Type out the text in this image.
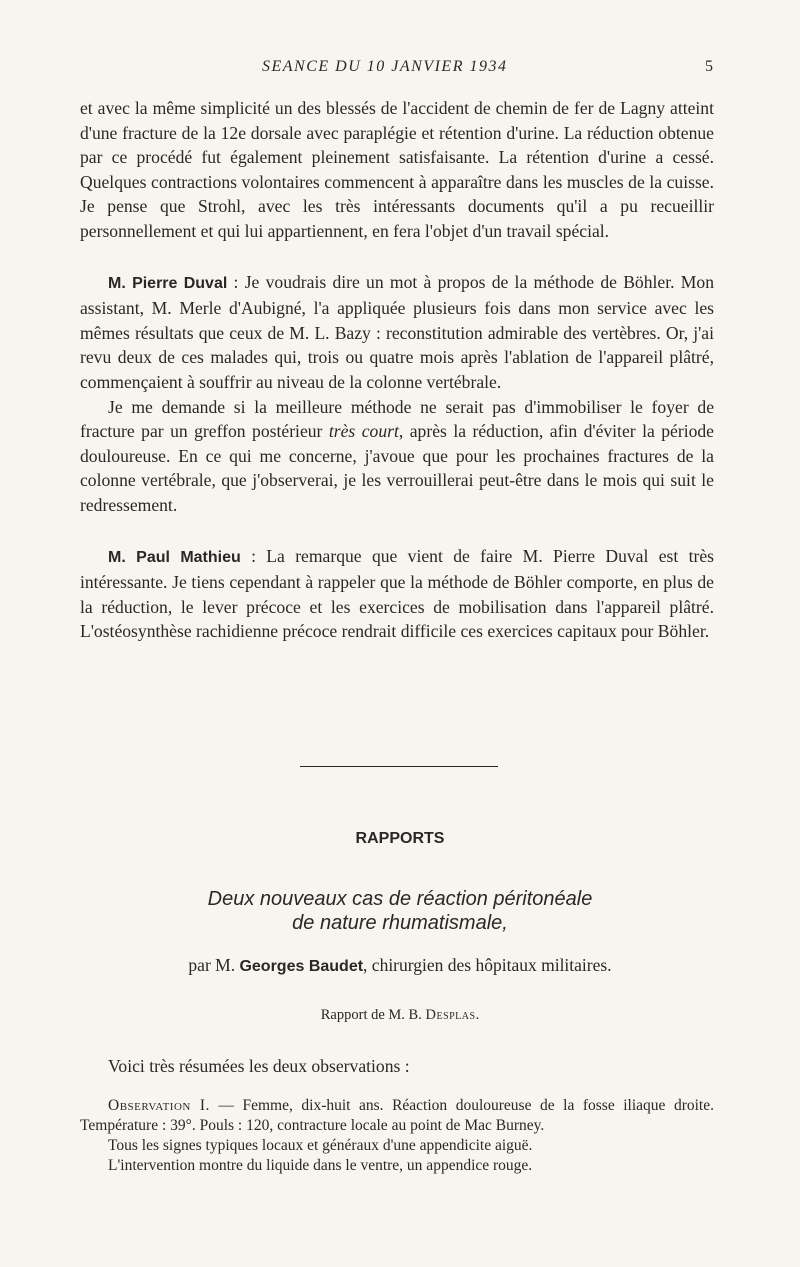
SEANCE DU 10 JANVIER 1934	5

et avec la même simplicité un des blessés de l'accident de chemin de fer de Lagny atteint d'une fracture de la 12e dorsale avec paraplégie et rétention d'urine. La réduction obtenue par ce procédé fut également pleinement satisfaisante. La rétention d'urine a cessé. Quelques contractions volontaires commencent à apparaître dans les muscles de la cuisse. Je pense que Strohl, avec les très intéressants documents qu'il a pu recueillir personnellement et qui lui appartiennent, en fera l'objet d'un travail spécial.

M. Pierre Duval : Je voudrais dire un mot à propos de la méthode de Böhler. Mon assistant, M. Merle d'Aubigné, l'a appliquée plusieurs fois dans mon service avec les mêmes résultats que ceux de M. L. Bazy : reconstitution admirable des vertèbres. Or, j'ai revu deux de ces malades qui, trois ou quatre mois après l'ablation de l'appareil plâtré, commençaient à souffrir au niveau de la colonne vertébrale.

Je me demande si la meilleure méthode ne serait pas d'immobiliser le foyer de fracture par un greffon postérieur très court, après la réduction, afin d'éviter la période douloureuse. En ce qui me concerne, j'avoue que pour les prochaines fractures de la colonne vertébrale, que j'observerai, je les verrouillerai peut-être dans le mois qui suit le redressement.

M. Paul Mathieu : La remarque que vient de faire M. Pierre Duval est très intéressante. Je tiens cependant à rappeler que la méthode de Böhler comporte, en plus de la réduction, le lever précoce et les exercices de mobilisation dans l'appareil plâtré. L'ostéosynthèse rachidienne précoce rendrait difficile ces exercices capitaux pour Böhler.

RAPPORTS
Deux nouveaux cas de réaction péritonéale
de nature rhumatismale,
par M. Georges Baudet, chirurgien des hôpitaux militaires.
Rapport de M. B. Desplas.
Voici très résumées les deux observations :

Observation I. — Femme, dix-huit ans. Réaction douloureuse de la fosse iliaque droite. Température : 39°. Pouls : 120, contracture locale au point de Mac Burney.

Tous les signes typiques locaux et généraux d'une appendicite aiguë.

L'intervention montre du liquide dans le ventre, un appendice rouge.
